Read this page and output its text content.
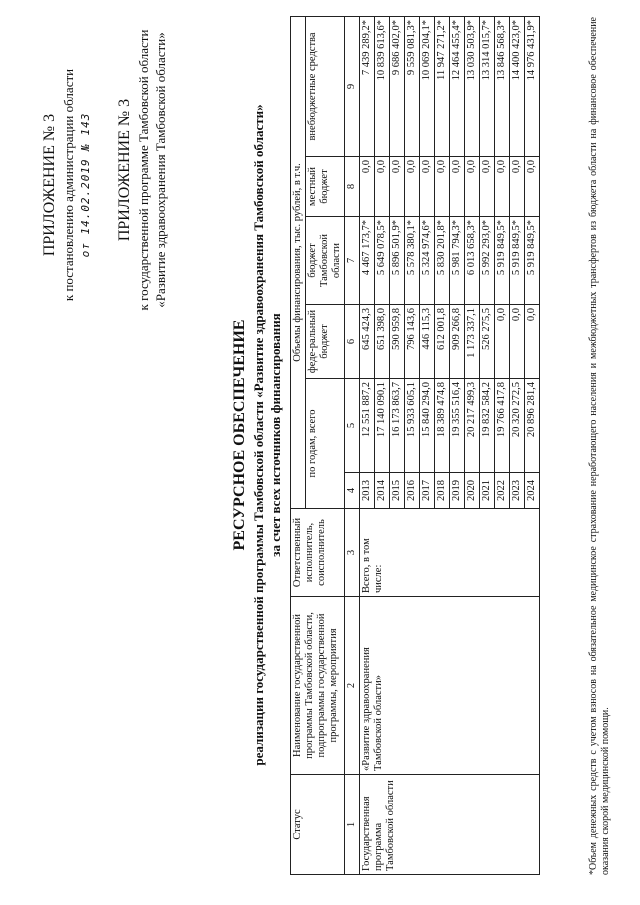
ПРИЛОЖЕНИЕ № 3 к постановлению администрации области от 14.02.2019 № 143 ПРИЛОЖЕНИЕ № 3 к государственной программе Тамбовской области «Развитие здравоохранения Тамбовской области»
РЕСУРСНОЕ ОБЕСПЕЧЕНИЕ реализации государственной программы Тамбовской области «Развитие здравоохранения Тамбовской области» за счет всех источников финансирования
Статус	Наименование государственной программы Тамбовской области, подпрограммы государственной программы, мероприятия	Ответственный исполнитель, соисполнитель	Объемы финансирования, тыс. рублей, в т.ч.					
			по годам, всего		феде-ральный бюджет	бюджет Тамбовской области	местный бюджет	внебюджетные средства
1	2	3	4	5	6	7	8	9
Государственная программа Тамбовской области	«Развитие здравоохранения Тамбовской области»	Всего, в том числе:	2013	12 551 887,2	645 424,3	4 467 173,7*	0,0	7 439 289,2*
			2014	17 140 090,1	651 398,0	5 649 078,5*	0,0	10 839 613,6*
			2015	16 173 863,7	590 959,8	5 896 501,9*	0,0	9 686 402,0*
			2016	15 933 605,1	796 143,6	5 578 380,1*	0,0	9 559 081,3*
			2017	15 840 294,0	446 115,3	5 324 974,6*	0,0	10 069 204,1*
			2018	18 389 474,8	612 001,8	5 830 201,8*	0,0	11 947 271,2*
			2019	19 355 516,4	909 266,8	5 981 794,3*	0,0	12 464 455,4*
			2020	20 217 499,3	1 173 337,1	6 013 658,3*	0,0	13 030 503,9*
			2021	19 832 584,2	526 275,5	5 992 293,0*	0,0	13 314 015,7*
			2022	19 766 417,8	0,0	5 919 849,5*	0,0	13 846 568,3*
			2023	20 320 272,5	0,0	5 919 849,5*	0,0	14 400 423,0*
			2024	20 896 281,4	0,0	5 919 849,5*	0,0	14 976 431,9*	*Объем денежных средств с учетом взносов на обязательное медицинское страхование неработающего населения и межбюджетных трансфертов из бюджета области на финансовое обеспечение оказания скорой медицинской помощи.
